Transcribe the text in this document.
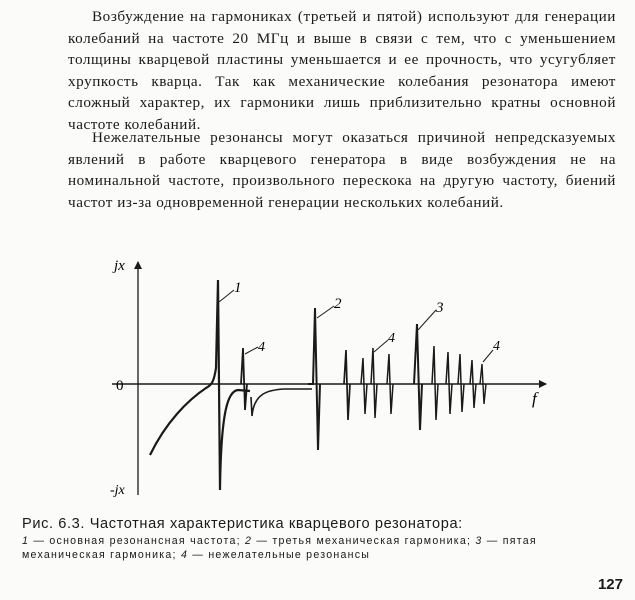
Возбуждение на гармониках (третьей и пятой) используют для генерации колебаний на частоте 20 МГц и выше в связи с тем, что с уменьшением толщины кварцевой пластины уменьшается и ее прочность, что усугубляет хрупкость кварца. Так как механические колебания резонатора имеют сложный характер, их гармоники лишь приблизительно кратны основной частоте колебаний.

Нежелательные резонансы могут оказаться причиной непредсказуемых явлений в работе кварцевого генератора в виде возбуждения не на номинальной частоте, произвольного перескока на другую частоту, биений частот из-за одновременной генерации нескольких колебаний.

jx
-jx
0
f
1
4
2
4
3
4
Рис. 6.3. Частотная характеристика кварцевого резонатора:
1 — основная резонансная частота; 2 — третья механическая гармоника; 3 — пятая механическая гармоника; 4 — нежелательные резонансы
127
